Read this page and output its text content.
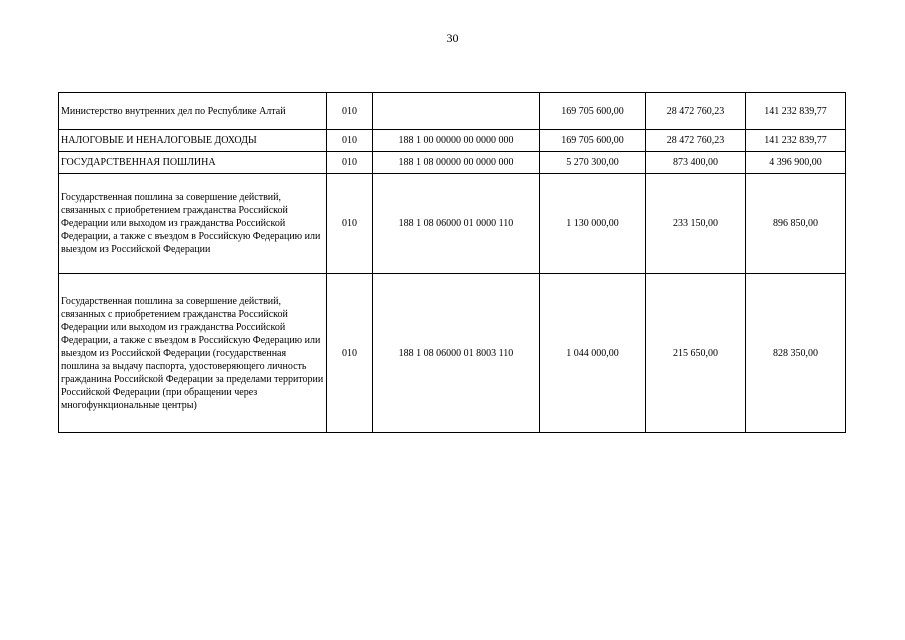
30
Министерство внутренних дел по Республике Алтай	010		169 705 600,00	28 472 760,23	141 232 839,77
НАЛОГОВЫЕ И НЕНАЛОГОВЫЕ ДОХОДЫ	010	188 1 00 00000 00 0000 000	169 705 600,00	28 472 760,23	141 232 839,77
ГОСУДАРСТВЕННАЯ ПОШЛИНА	010	188 1 08 00000 00 0000 000	5 270 300,00	873 400,00	4 396 900,00
Государственная пошлина за совершение действий, связанных с приобретением гражданства Российской Федерации или выходом из гражданства Российской Федерации, а также с въездом в Российскую Федерацию или выездом из Российской Федерации	010	188 1 08 06000 01 0000 110	1 130 000,00	233 150,00	896 850,00
Государственная пошлина за совершение действий, связанных с приобретением гражданства Российской Федерации или выходом из гражданства Российской Федерации, а также с въездом в Российскую Федерацию или выездом из Российской Федерации (государственная пошлина за выдачу паспорта, удостоверяющего личность гражданина Российской Федерации за пределами территории Российской Федерации (при обращении через многофункциональные центры)	010	188 1 08 06000 01 8003 110	1 044 000,00	215 650,00	828 350,00
